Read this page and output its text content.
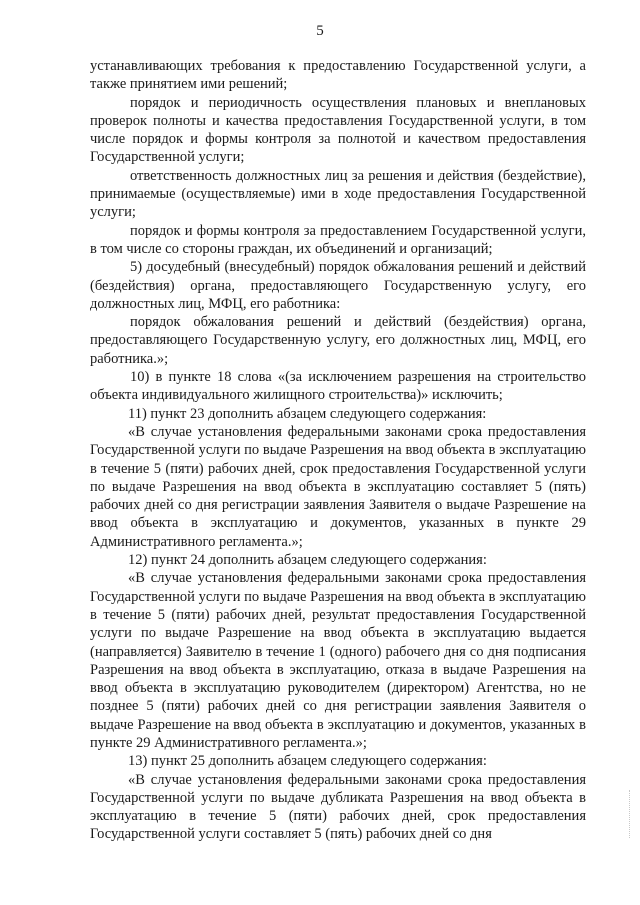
5

устанавливающих требования к предоставлению Государственной услуги, а также принятием ими решений;

порядок и периодичность осуществления плановых и внеплановых проверок полноты и качества предоставления Государственной услуги, в том числе порядок и формы контроля за полнотой и качеством предоставления Государственной услуги;

ответственность должностных лиц за решения и действия (бездействие), принимаемые (осуществляемые) ими в ходе предоставления Государственной услуги;

порядок и формы контроля за предоставлением Государственной услуги, в том числе со стороны граждан, их объединений и организаций;

5) досудебный (внесудебный) порядок обжалования решений и действий (бездействия) органа, предоставляющего Государственную услугу, его должностных лиц, МФЦ, его работника:

порядок обжалования решений и действий (бездействия) органа, предоставляющего Государственную услугу, его должностных лиц, МФЦ, его работника.»;

10) в пункте 18 слова «(за исключением разрешения на строительство объекта индивидуального жилищного строительства)» исключить;

11) пункт 23 дополнить абзацем следующего содержания:

«В случае установления федеральными законами срока предоставления Государственной услуги по выдаче Разрешения на ввод объекта в эксплуатацию в течение 5 (пяти) рабочих дней, срок предоставления Государственной услуги по выдаче Разрешения на ввод объекта в эксплуатацию составляет 5 (пять) рабочих дней со дня регистрации заявления Заявителя о выдаче Разрешение на ввод объекта в эксплуатацию и документов, указанных в пункте 29 Административного регламента.»;

12) пункт 24 дополнить абзацем следующего содержания:

«В случае установления федеральными законами срока предоставления Государственной услуги по выдаче Разрешения на ввод объекта в эксплуатацию в течение 5 (пяти) рабочих дней, результат предоставления Государственной услуги по выдаче Разрешение на ввод объекта в эксплуатацию выдается (направляется) Заявителю в течение 1 (одного) рабочего дня со дня подписания Разрешения на ввод объекта в эксплуатацию, отказа в выдаче Разрешения на ввод объекта в эксплуатацию руководителем (директором) Агентства, но не позднее 5 (пяти) рабочих дней со дня регистрации заявления Заявителя о выдаче Разрешение на ввод объекта в эксплуатацию и документов, указанных в пункте 29 Административного регламента.»;

13) пункт 25 дополнить абзацем следующего содержания:

«В случае установления федеральными законами срока предоставления Государственной услуги по выдаче дубликата Разрешения на ввод объекта в эксплуатацию в течение 5 (пяти) рабочих дней, срок предоставления Государственной услуги составляет 5 (пять) рабочих дней со дня
